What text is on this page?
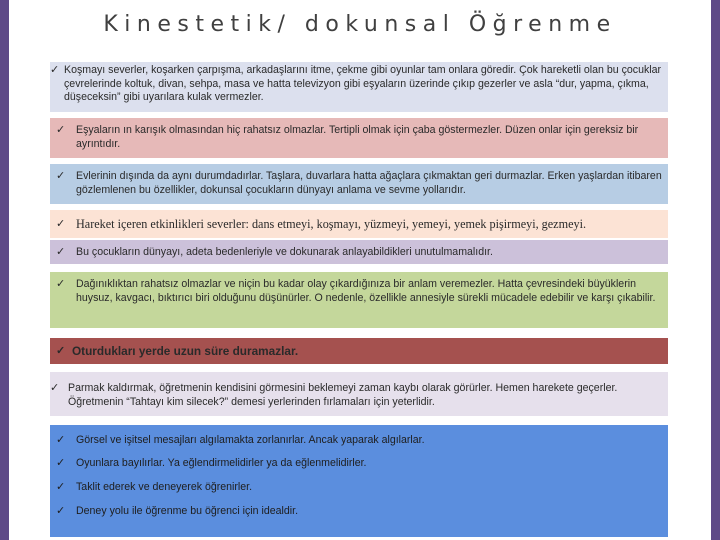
Kinestetik/ dokunsal Öğrenme
✓ Koşmayı severler, koşarken çarpışma, arkadaşlarını itme, çekme gibi oyunlar tam onlara göredir. Çok hareketli olan bu çocuklar çevrelerinde koltuk, divan, sehpa, masa ve hatta televizyon gibi eşyaların üzerinde çıkıp gezerler ve asla “dur, yapma, çıkma, düşeceksin” gibi uyarılara kulak vermezler.
✓ Eşyaların ın karışık olmasından hiç rahatsız olmazlar. Tertipli olmak için çaba göstermezler. Düzen onlar için gereksiz bir ayrıntıdır.
✓ Evlerinin dışında da aynı durumdadırlar. Taşlara, duvarlara hatta ağaçlara çıkmaktan geri durmazlar. Erken yaşlardan itibaren gözlemlenen bu özellikler, dokunsal çocukların dünyayı anlama ve sevme yollarıdır.
✓ Hareket içeren etkinlikleri severler: dans etmeyi, koşmayı, yüzmeyi, yemeyi, yemek pişirmeyi, gezmeyi.
✓ Bu çocukların dünyayı, adeta bedenleriyle ve dokunarak anlayabildikleri unutulmamalıdır.
✓ Dağınıklıktan rahatsız olmazlar ve niçin bu kadar olay çıkardığınıza bir anlam veremezler. Hatta çevresindeki büyüklerin huysuz, kavgacı, bıktırıcı biri olduğunu düşünürler. O nedenle, özellikle annesiyle sürekli mücadele edebilir ve karşı çıkabilir.
✓ Oturdukları yerde uzun süre duramazlar.
✓ Parmak kaldırmak, öğretmenin kendisini görmesini beklemeyi zaman kaybı olarak görürler. Hemen harekete geçerler. Öğretmenin “Tahtayı kim silecek?” demesi yerlerinden fırlamaları için yeterlidir.
✓ Görsel ve işitsel mesajları algılamakta zorlanırlar. Ancak yaparak algılarlar.
✓ Oyunlara bayılırlar. Ya eğlendirmelidirler ya da eğlenmelidirler.
✓ Taklit ederek ve deneyerek öğrenirler.
✓ Deney yolu ile öğrenme bu öğrenci için idealdir.
